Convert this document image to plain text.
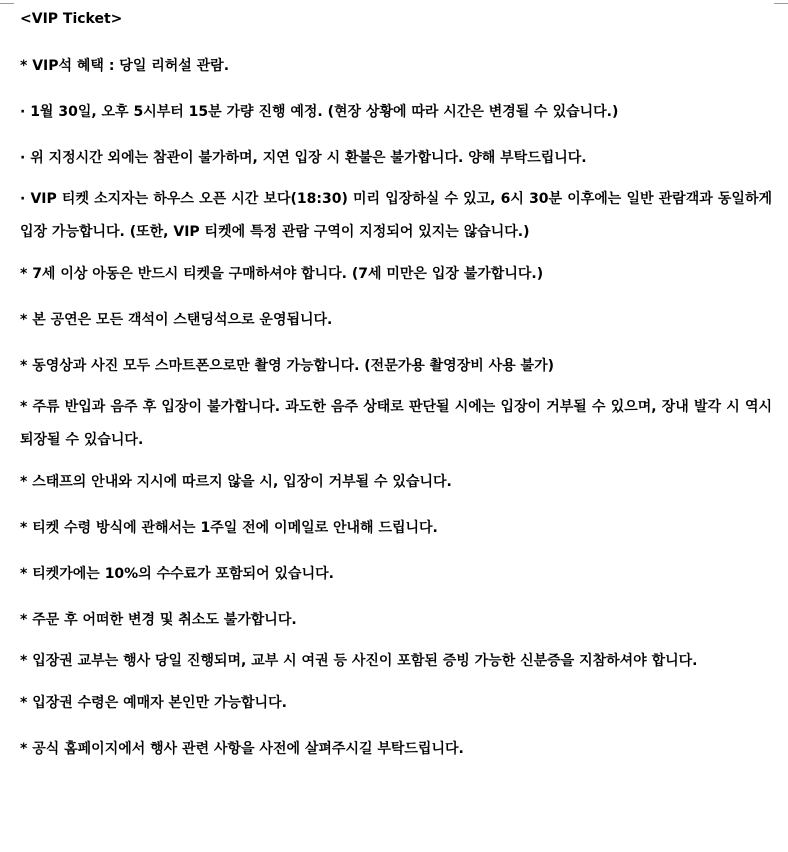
<VIP Ticket>

* VIP석 혜택 : 당일 리허설 관람.

· 1월 30일, 오후 5시부터 15분 가량 진행 예정. (현장 상황에 따라 시간은 변경될 수 있습니다.)

· 위 지정시간 외에는 참관이 불가하며, 지연 입장 시 환불은 불가합니다. 양해 부탁드립니다.

· VIP 티켓 소지자는 하우스 오픈 시간 보다(18:30) 미리 입장하실 수 있고, 6시 30분 이후에는 일반 관람객과 동일하게 입장 가능합니다. (또한, VIP 티켓에 특정 관람 구역이 지정되어 있지는 않습니다.)

* 7세 이상 아동은 반드시 티켓을 구매하셔야 합니다. (7세 미만은 입장 불가합니다.)

* 본 공연은 모든 객석이 스탠딩석으로 운영됩니다.

* 동영상과 사진 모두 스마트폰으로만 촬영 가능합니다. (전문가용 촬영장비 사용 불가)

* 주류 반입과 음주 후 입장이 불가합니다. 과도한 음주 상태로 판단될 시에는 입장이 거부될 수 있으며, 장내 발각 시 역시 퇴장될 수 있습니다.

* 스태프의 안내와 지시에 따르지 않을 시, 입장이 거부될 수 있습니다.

* 티켓 수령 방식에 관해서는 1주일 전에 이메일로 안내해 드립니다.

* 티켓가에는 10%의 수수료가 포함되어 있습니다.

* 주문 후 어떠한 변경 및 취소도 불가합니다.

* 입장권 교부는 행사 당일 진행되며, 교부 시 여권 등 사진이 포함된 증빙 가능한 신분증을 지참하셔야 합니다.

* 입장권 수령은 예매자 본인만 가능합니다.

* 공식 홈페이지에서 행사 관련 사항을 사전에 살펴주시길 부탁드립니다.
